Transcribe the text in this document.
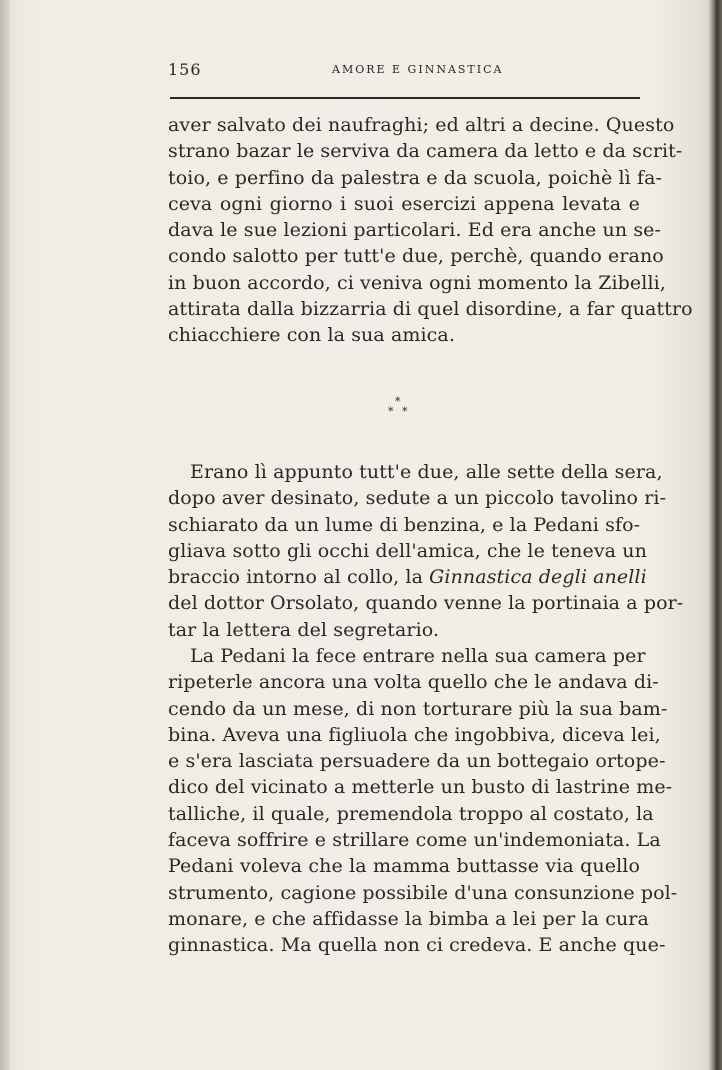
156	AMORE E GINNASTICA
aver salvato dei naufraghi; ed altri a decine. Questo
strano bazar le serviva da camera da letto e da scrit-
toio, e perfino da palestra e da scuola, poichè lì fa-
ceva ogni giorno i suoi esercizi appena levata e
dava le sue lezioni particolari. Ed era anche un se-
condo salotto per tutt'e due, perchè, quando erano
in buon accordo, ci veniva ogni momento la Zibelli,
attirata dalla bizzarria di quel disordine, a far quattro
chiacchiere con la sua amica.
*
* *
Erano lì appunto tutt'e due, alle sette della sera,
dopo aver desinato, sedute a un piccolo tavolino ri-
schiarato da un lume di benzina, e la Pedani sfo-
gliava sotto gli occhi dell'amica, che le teneva un
braccio intorno al collo, la Ginnastica degli anelli
del dottor Orsolato, quando venne la portinaia a por-
tar la lettera del segretario.
La Pedani la fece entrare nella sua camera per
ripeterle ancora una volta quello che le andava di-
cendo da un mese, di non torturare più la sua bam-
bina. Aveva una figliuola che ingobbiva, diceva lei,
e s'era lasciata persuadere da un bottegaio ortope-
dico del vicinato a metterle un busto di lastrine me-
talliche, il quale, premendola troppo al costato, la
faceva soffrire e strillare come un'indemoniata. La
Pedani voleva che la mamma buttasse via quello
strumento, cagione possibile d'una consunzione pol-
monare, e che affidasse la bimba a lei per la cura
ginnastica. Ma quella non ci credeva. E anche que-
